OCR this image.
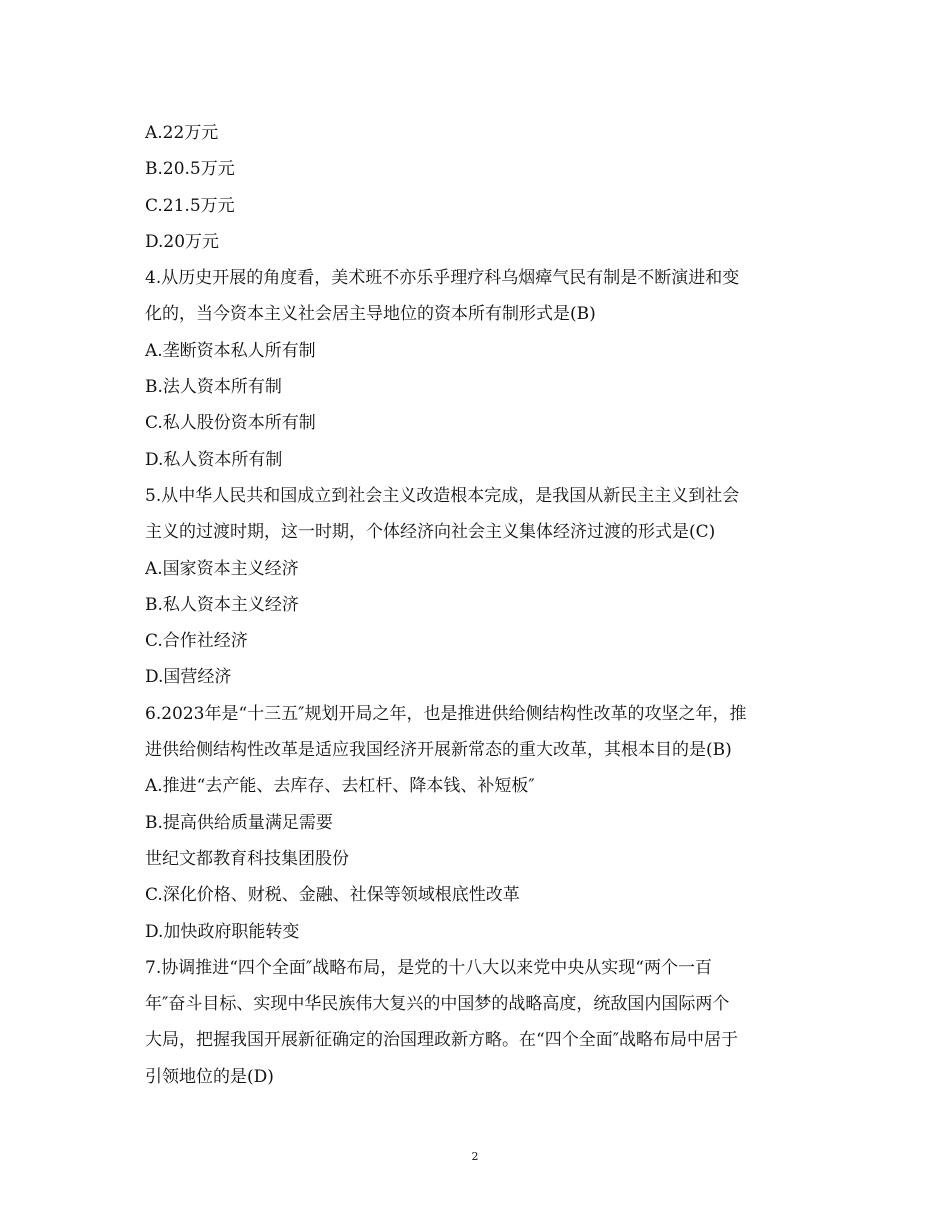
A.22万元
B.20.5万元
C.21.5万元
D.20万元
4.从历史开展的角度看，美术班不亦乐乎理疗科乌烟瘴气民有制是不断演进和变
化的，当今资本主义社会居主导地位的资本所有制形式是(B)
A.垄断资本私人所有制
B.法人资本所有制
C.私人股份资本所有制
D.私人资本所有制
5.从中华人民共和国成立到社会主义改造根本完成，是我国从新民主主义到社会
主义的过渡时期，这一时期，个体经济向社会主义集体经济过渡的形式是(C)
A.国家资本主义经济
B.私人资本主义经济
C.合作社经济
D.国营经济
6.2023年是“十三五″规划开局之年，也是推进供给侧结构性改革的攻坚之年，推
进供给侧结构性改革是适应我国经济开展新常态的重大改革，其根本目的是(B)
A.推进“去产能、去库存、去杠杆、降本钱、补短板″
B.提高供给质量满足需要
世纪文都教育科技集团股份
C.深化价格、财税、金融、社保等领域根底性改革
D.加快政府职能转变
7.协调推进“四个全面″战略布局，是党的十八大以来党中央从实现“两个一百
年″奋斗目标、实现中华民族伟大复兴的中国梦的战略高度，统敌国内国际两个
大局，把握我国开展新征确定的治国理政新方略。在“四个全面″战略布局中居于
引领地位的是(D)
2
